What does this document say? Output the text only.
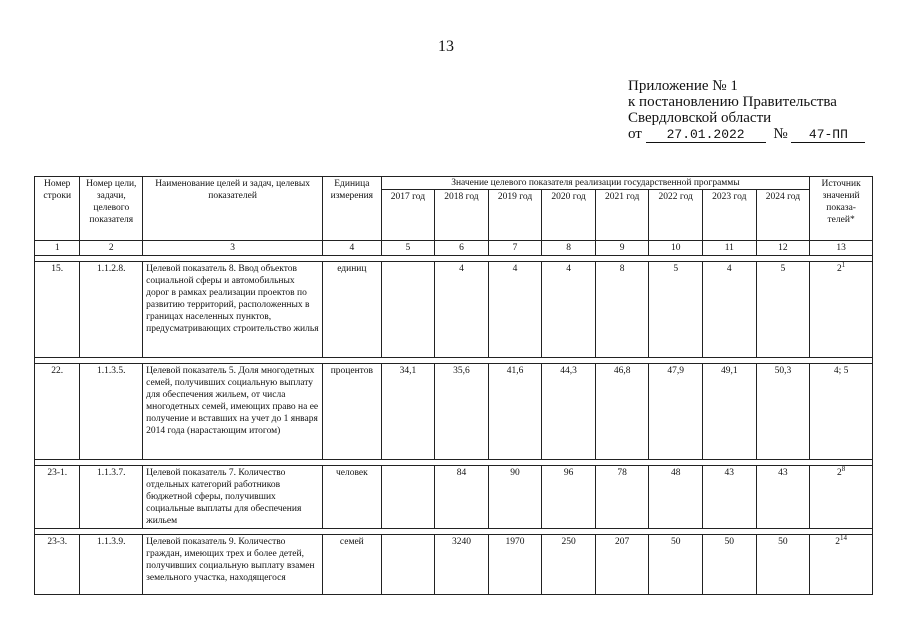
13
Приложение № 1
к постановлению Правительства
Свердловской области
от 27.01.2022 № 47-ПП
Номер строки	Номер цели, задачи, целевого показателя	Наименование целей и задач, целевых показателей	Единица измерения	Значение целевого показателя реализации государственной программы								Источник значений показа- телей*
				2017 год	2018 год	2019 год	2020 год	2021 год	2022 год	2023 год	2024 год	
1	2	3	4	5	6	7	8	9	10	11	12	13

15.	1.1.2.8.	Целевой показатель 8. Ввод объектов социальной сферы и автомобильных дорог в рамках реализации проектов по развитию территорий, расположенных в границах населенных пунктов, предусматривающих строительство жилья	единиц		4	4	4	8	5	4	5	$2^1$

22.	1.1.3.5.	Целевой показатель 5. Доля многодетных семей, получивших социальную выплату для обеспечения жильем, от числа многодетных семей, имеющих право на ее получение и вставших на учет до 1 января 2014 года (нарастающим итогом)	процентов	34,1	35,6	41,6	44,3	46,8	47,9	49,1	50,3	4; 5

23-1.	1.1.3.7.	Целевой показатель 7. Количество отдельных категорий работников бюджетной сферы, получивших социальные выплаты для обеспечения жильем	человек		84	90	96	78	48	43	43	$2^8$

23-3.	1.1.3.9.	Целевой показатель 9. Количество граждан, имеющих трех и более детей, получивших социальную выплату взамен земельного участка, находящегося	семей		3240	1970	250	207	50	50	50	$2^{14}$
